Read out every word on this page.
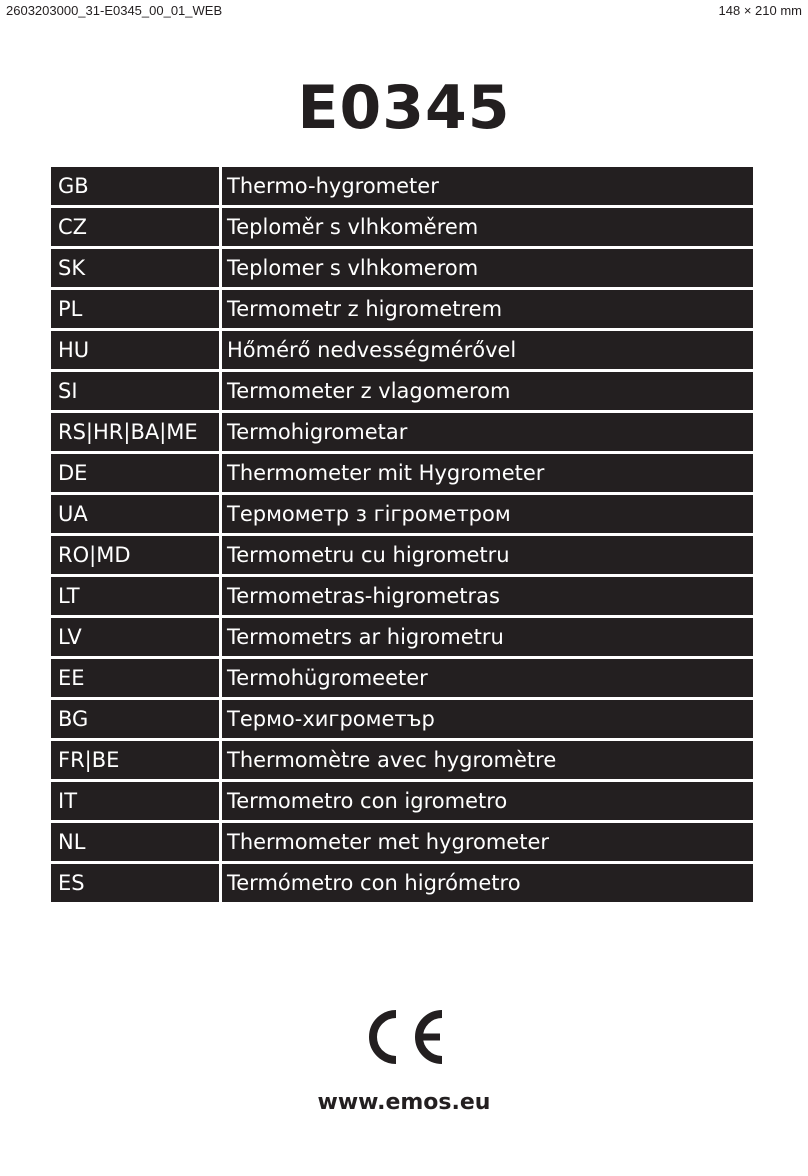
2603203000_31-E0345_00_01_WEB	148 × 210 mm
E0345
GB	Thermo-hygrometer
CZ	Teploměr s vlhkoměrem
SK	Teplomer s vlhkomerom
PL	Termometr z higrometrem
HU	Hőmérő nedvességmérővel
SI	Termometer z vlagomerom
RS|HR|BA|ME	Termohigrometar
DE	Thermometer mit Hygrometer
UA	Термометр з гігрометром
RO|MD	Termometru cu higrometru
LT	Termometras-higrometras
LV	Termometrs ar higrometru
EE	Termohügromeeter
BG	Термо-хигрометър
FR|BE	Thermomètre avec hygromètre
IT	Termometro con igrometro
NL	Thermometer met hygrometer
ES	Termómetro con higrómetro
www.emos.eu
